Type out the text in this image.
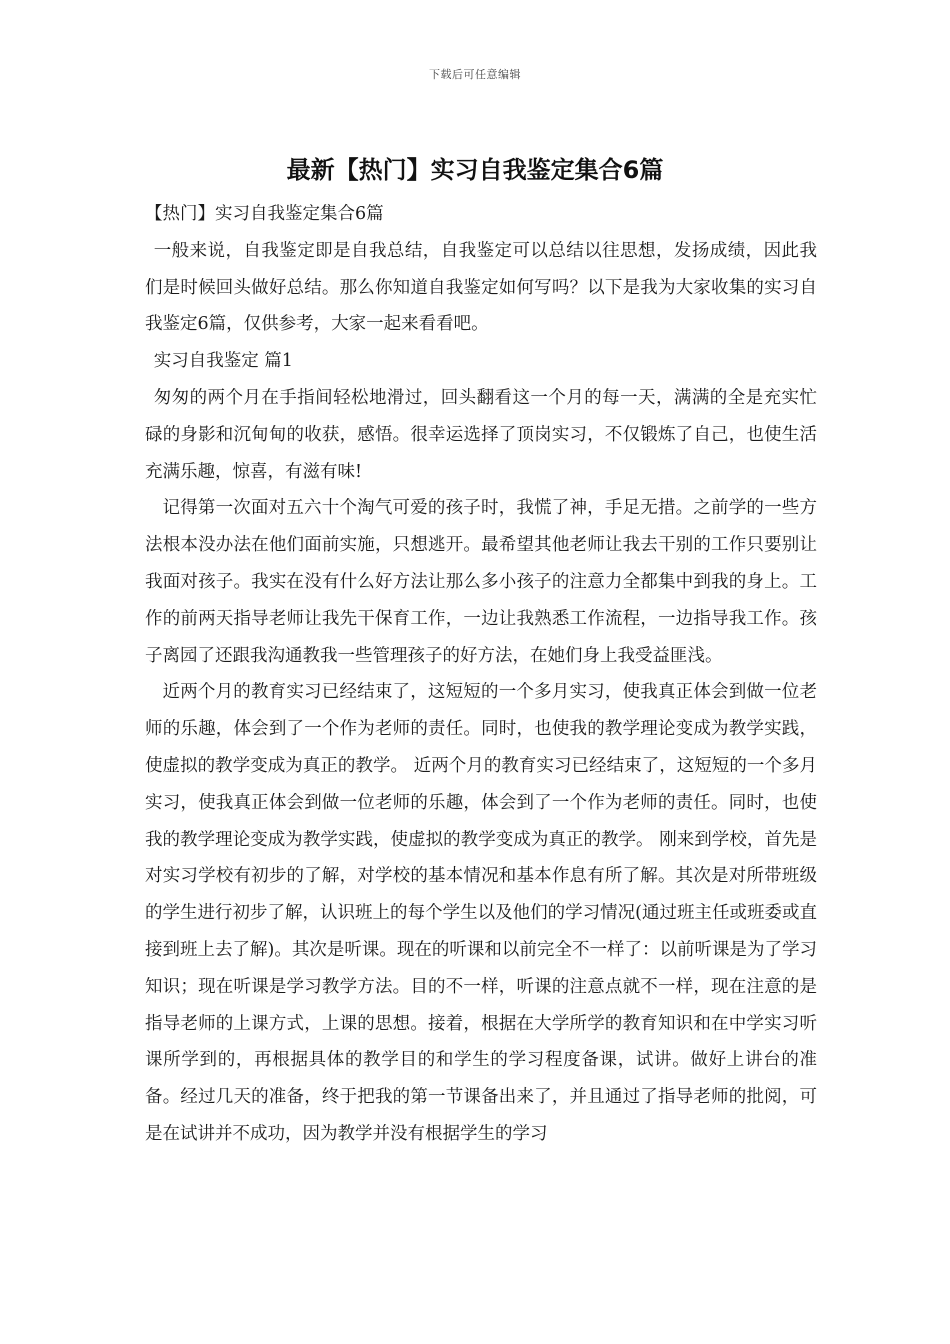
下载后可任意编辑
最新【热门】实习自我鉴定集合6篇

【热门】实习自我鉴定集合6篇

一般来说，自我鉴定即是自我总结，自我鉴定可以总结以往思想，发扬成绩，因此我们是时候回头做好总结。那么你知道自我鉴定如何写吗？以下是我为大家收集的实习自我鉴定6篇，仅供参考，大家一起来看看吧。

实习自我鉴定 篇1

匆匆的两个月在手指间轻松地滑过，回头翻看这一个月的每一天，满满的全是充实忙碌的身影和沉甸甸的收获，感悟。很幸运选择了顶岗实习，不仅锻炼了自己，也使生活充满乐趣，惊喜，有滋有味!

记得第一次面对五六十个淘气可爱的孩子时，我慌了神，手足无措。之前学的一些方法根本没办法在他们面前实施，只想逃开。最希望其他老师让我去干别的工作只要别让我面对孩子。我实在没有什么好方法让那么多小孩子的注意力全都集中到我的身上。工作的前两天指导老师让我先干保育工作，一边让我熟悉工作流程，一边指导我工作。孩子离园了还跟我沟通教我一些管理孩子的好方法，在她们身上我受益匪浅。

近两个月的教育实习已经结束了，这短短的一个多月实习，使我真正体会到做一位老师的乐趣，体会到了一个作为老师的责任。同时，也使我的教学理论变成为教学实践，使虚拟的教学变成为真正的教学。 近两个月的教育实习已经结束了，这短短的一个多月实习，使我真正体会到做一位老师的乐趣，体会到了一个作为老师的责任。同时，也使我的教学理论变成为教学实践，使虚拟的教学变成为真正的教学。 刚来到学校，首先是对实习学校有初步的了解，对学校的基本情况和基本作息有所了解。其次是对所带班级的学生进行初步了解，认识班上的每个学生以及他们的学习情况(通过班主任或班委或直接到班上去了解)。其次是听课。现在的听课和以前完全不一样了：以前听课是为了学习知识；现在听课是学习教学方法。目的不一样，听课的注意点就不一样，现在注意的是指导老师的上课方式，上课的思想。接着，根据在大学所学的教育知识和在中学实习听课所学到的，再根据具体的教学目的和学生的学习程度备课，试讲。做好上讲台的准备。经过几天的准备，终于把我的第一节课备出来了，并且通过了指导老师的批阅，可是在试讲并不成功，因为教学并没有根据学生的学习
